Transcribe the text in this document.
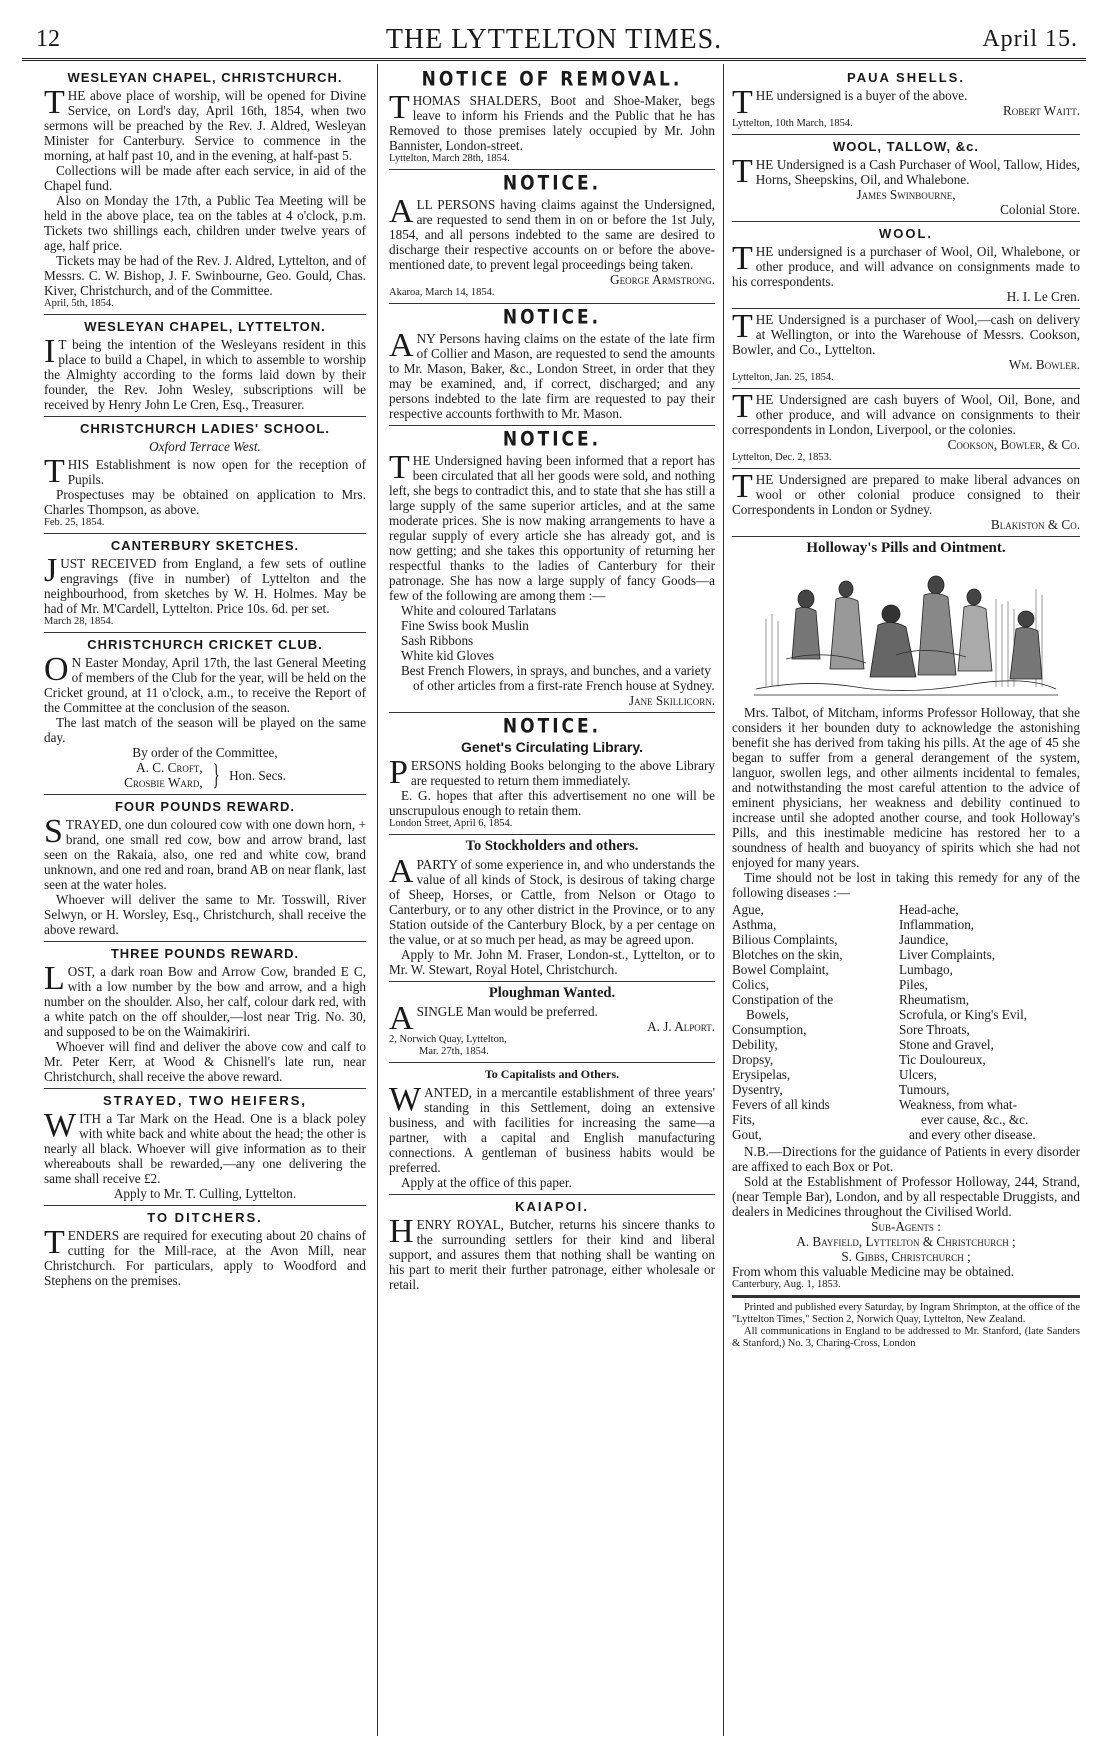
12	THE LYTTELTON TIMES.	April 15.
WESLEYAN CHAPEL, CHRISTCHURCH.

THE above place of worship, will be opened for Divine Service, on Lord's day, April 16th, 1854, when two sermons will be preached by the Rev. J. Aldred, Wesleyan Minister for Canterbury. Service to commence in the morning, at half past 10, and in the evening, at half-past 5.

Collections will be made after each service, in aid of the Chapel fund.

Also on Monday the 17th, a Public Tea Meeting will be held in the above place, tea on the tables at 4 o'clock, p.m. Tickets two shillings each, children under twelve years of age, half price.

Tickets may be had of the Rev. J. Aldred, Lyttelton, and of Messrs. C. W. Bishop, J. F. Swinbourne, Geo. Gould, Chas. Kiver, Christchurch, and of the Committee.

April, 5th, 1854.

WESLEYAN CHAPEL, LYTTELTON.

I T being the intention of the Wesleyans resident in this place to build a Chapel, in which to assemble to worship the Almighty according to the forms laid down by their founder, the Rev. John Wesley, subscriptions will be received by Henry John Le Cren, Esq., Treasurer.

CHRISTCHURCH LADIES' SCHOOL.
Oxford Terrace West.

THIS Establishment is now open for the reception of Pupils.

Prospectuses may be obtained on application to Mrs. Charles Thompson, as above.

Feb. 25, 1854.

CANTERBURY SKETCHES.

JUST RECEIVED from England, a few sets of outline engravings (five in number) of Lyttelton and the neighbourhood, from sketches by W. H. Holmes. May be had of Mr. M'Cardell, Lyttelton. Price 10s. 6d. per set.

March 28, 1854.

CHRISTCHURCH CRICKET CLUB.

O N Easter Monday, April 17th, the last General Meeting of members of the Club for the year, will be held on the Cricket ground, at 11 o'clock, a.m., to receive the Report of the Committee at the conclusion of the season.

The last match of the season will be played on the same day.

By order of the Committee,

A. C. Croft,
Crosbie Ward, } Hon. Secs.
FOUR POUNDS REWARD.

STRAYED, one dun coloured cow with one down horn, + brand, one small red cow, bow and arrow brand, last seen on the Rakaia, also, one red and white cow, brand unknown, and one red and roan, brand AB on near flank, last seen at the water holes.

Whoever will deliver the same to Mr. Tosswill, River Selwyn, or H. Worsley, Esq., Christchurch, shall receive the above reward.

THREE POUNDS REWARD.

LOST, a dark roan Bow and Arrow Cow, branded E C, with a low number by the bow and arrow, and a high number on the shoulder. Also, her calf, colour dark red, with a white patch on the off shoulder,—lost near Trig. No. 30, and supposed to be on the Waimakiriri.

Whoever will find and deliver the above cow and calf to Mr. Peter Kerr, at Wood & Chisnell's late run, near Christchurch, shall receive the above reward.

STRAYED, TWO HEIFERS,

WITH a Tar Mark on the Head. One is a black poley with white back and white about the head; the other is nearly all black. Whoever will give information as to their whereabouts shall be rewarded,—any one delivering the same shall receive £2.

Apply to Mr. T. Culling, Lyttelton.

TO DITCHERS.

TENDERS are required for executing about 20 chains of cutting for the Mill-race, at the Avon Mill, near Christchurch. For particulars, apply to Woodford and Stephens on the premises.

NOTICE OF REMOVAL.

THOMAS SHALDERS, Boot and Shoe-Maker, begs leave to inform his Friends and the Public that he has Removed to those premises lately occupied by Mr. John Bannister, London-street.

Lyttelton, March 28th, 1854.

NOTICE.

ALL PERSONS having claims against the Undersigned, are requested to send them in on or before the 1st July, 1854, and all persons indebted to the same are desired to discharge their respective accounts on or before the above-mentioned date, to prevent legal proceedings being taken.

George Armstrong.

Akaroa, March 14, 1854.

NOTICE.

ANY Persons having claims on the estate of the late firm of Collier and Mason, are requested to send the amounts to Mr. Mason, Baker, &c., London Street, in order that they may be examined, and, if correct, discharged; and any persons indebted to the late firm are requested to pay their respective accounts forthwith to Mr. Mason.

NOTICE.

THE Undersigned having been informed that a report has been circulated that all her goods were sold, and nothing left, she begs to contradict this, and to state that she has still a large supply of the same superior articles, and at the same moderate prices. She is now making arrangements to have a regular supply of every article she has already got, and is now getting; and she takes this opportunity of returning her respectful thanks to the ladies of Canterbury for their patronage. She has now a large supply of fancy Goods—a few of the following are among them :—

White and coloured Tarlatans
Fine Swiss book Muslin
Sash Ribbons
White kid Gloves
Best French Flowers, in sprays, and bunches, and a variety of other articles from a first-rate French house at Sydney.
Jane Skillicorn.
NOTICE.
Genet's Circulating Library.

PERSONS holding Books belonging to the above Library are requested to return them immediately.

E. G. hopes that after this advertisement no one will be unscrupulous enough to retain them.

London Street, April 6, 1854.

To Stockholders and others.

APARTY of some experience in, and who understands the value of all kinds of Stock, is desirous of taking charge of Sheep, Horses, or Cattle, from Nelson or Otago to Canterbury, or to any other district in the Province, or to any Station outside of the Canterbury Block, by a per centage on the value, or at so much per head, as may be agreed upon.

Apply to Mr. John M. Fraser, London-st., Lyttelton, or to Mr. W. Stewart, Royal Hotel, Christchurch.

Ploughman Wanted.

ASINGLE Man would be preferred.

A. J. Alport.

2, Norwich Quay, Lyttelton,

Mar. 27th, 1854.

To Capitalists and Others.

WANTED, in a mercantile establishment of three years' standing in this Settlement, doing an extensive business, and with facilities for increasing the same—a partner, with a capital and English manufacturing connections. A gentleman of business habits would be preferred.

Apply at the office of this paper.

KAIAPOI.

HENRY ROYAL, Butcher, returns his sincere thanks to the surrounding settlers for their kind and liberal support, and assures them that nothing shall be wanting on his part to merit their further patronage, either wholesale or retail.

PAUA SHELLS.

THE undersigned is a buyer of the above.

Robert Waitt.

Lyttelton, 10th March, 1854.

WOOL, TALLOW, &c.

THE Undersigned is a Cash Purchaser of Wool, Tallow, Hides, Horns, Sheepskins, Oil, and Whalebone.

James Swinbourne,
Colonial Store.
WOOL.

THE undersigned is a purchaser of Wool, Oil, Whalebone, or other produce, and will advance on consignments made to his correspondents.

H. I. Le Cren.

THE Undersigned is a purchaser of Wool,—cash on delivery at Wellington, or into the Warehouse of Messrs. Cookson, Bowler, and Co., Lyttelton.

Wm. Bowler.

Lyttelton, Jan. 25, 1854.

THE Undersigned are cash buyers of Wool, Oil, Bone, and other produce, and will advance on consignments to their correspondents in London, Liverpool, or the colonies.

Cookson, Bowler, & Co.

Lyttelton, Dec. 2, 1853.

THE Undersigned are prepared to make liberal advances on wool or other colonial produce consigned to their Correspondents in London or Sydney.

Blakiston & Co.
Holloway's Pills and Ointment.

Mrs. Talbot, of Mitcham, informs Professor Holloway, that she considers it her bounden duty to acknowledge the astonishing benefit she has derived from taking his pills. At the age of 45 she began to suffer from a general derangement of the system, languor, swollen legs, and other ailments incidental to females, and notwithstanding the most careful attention to the advice of eminent physicians, her weakness and debility continued to increase until she adopted another course, and took Holloway's Pills, and this inestimable medicine has restored her to a soundness of health and buoyancy of spirits which she had not enjoyed for many years.

Time should not be lost in taking this remedy for any of the following diseases :—

Ague,	Head-ache,
Asthma,	Inflammation,
Bilious Complaints,	Jaundice,
Blotches on the skin,	Liver Complaints,
Bowel Complaint,	Lumbago,
Colics,	Piles,
Constipation of the	Rheumatism,
Bowels,	Scrofula, or King's Evil,
Consumption,	Sore Throats,
Debility,	Stone and Gravel,
Dropsy,	Tic Douloureux,
Erysipelas,	Ulcers,
Dysentry,	Tumours,
Fevers of all kinds	Weakness, from what-
Fits,	ever cause, &c., &c.
Gout,	and every other disease.

N.B.—Directions for the guidance of Patients in every disorder are affixed to each Box or Pot.

Sold at the Establishment of Professor Holloway, 244, Strand, (near Temple Bar), London, and by all respectable Druggists, and dealers in Medicines throughout the Civilised World.

Sub-Agents :
A. Bayfield, Lyttelton & Christchurch ;
S. Gibbs, Christchurch ;

From whom this valuable Medicine may be obtained.

Canterbury, Aug. 1, 1853.

Printed and published every Saturday, by Ingram Shrimpton, at the office of the "Lyttelton Times," Section 2, Norwich Quay, Lyttelton, New Zealand.

All communications in England to be addressed to Mr. Stanford, (late Sanders & Stanford,) No. 3, Charing-Cross, London
